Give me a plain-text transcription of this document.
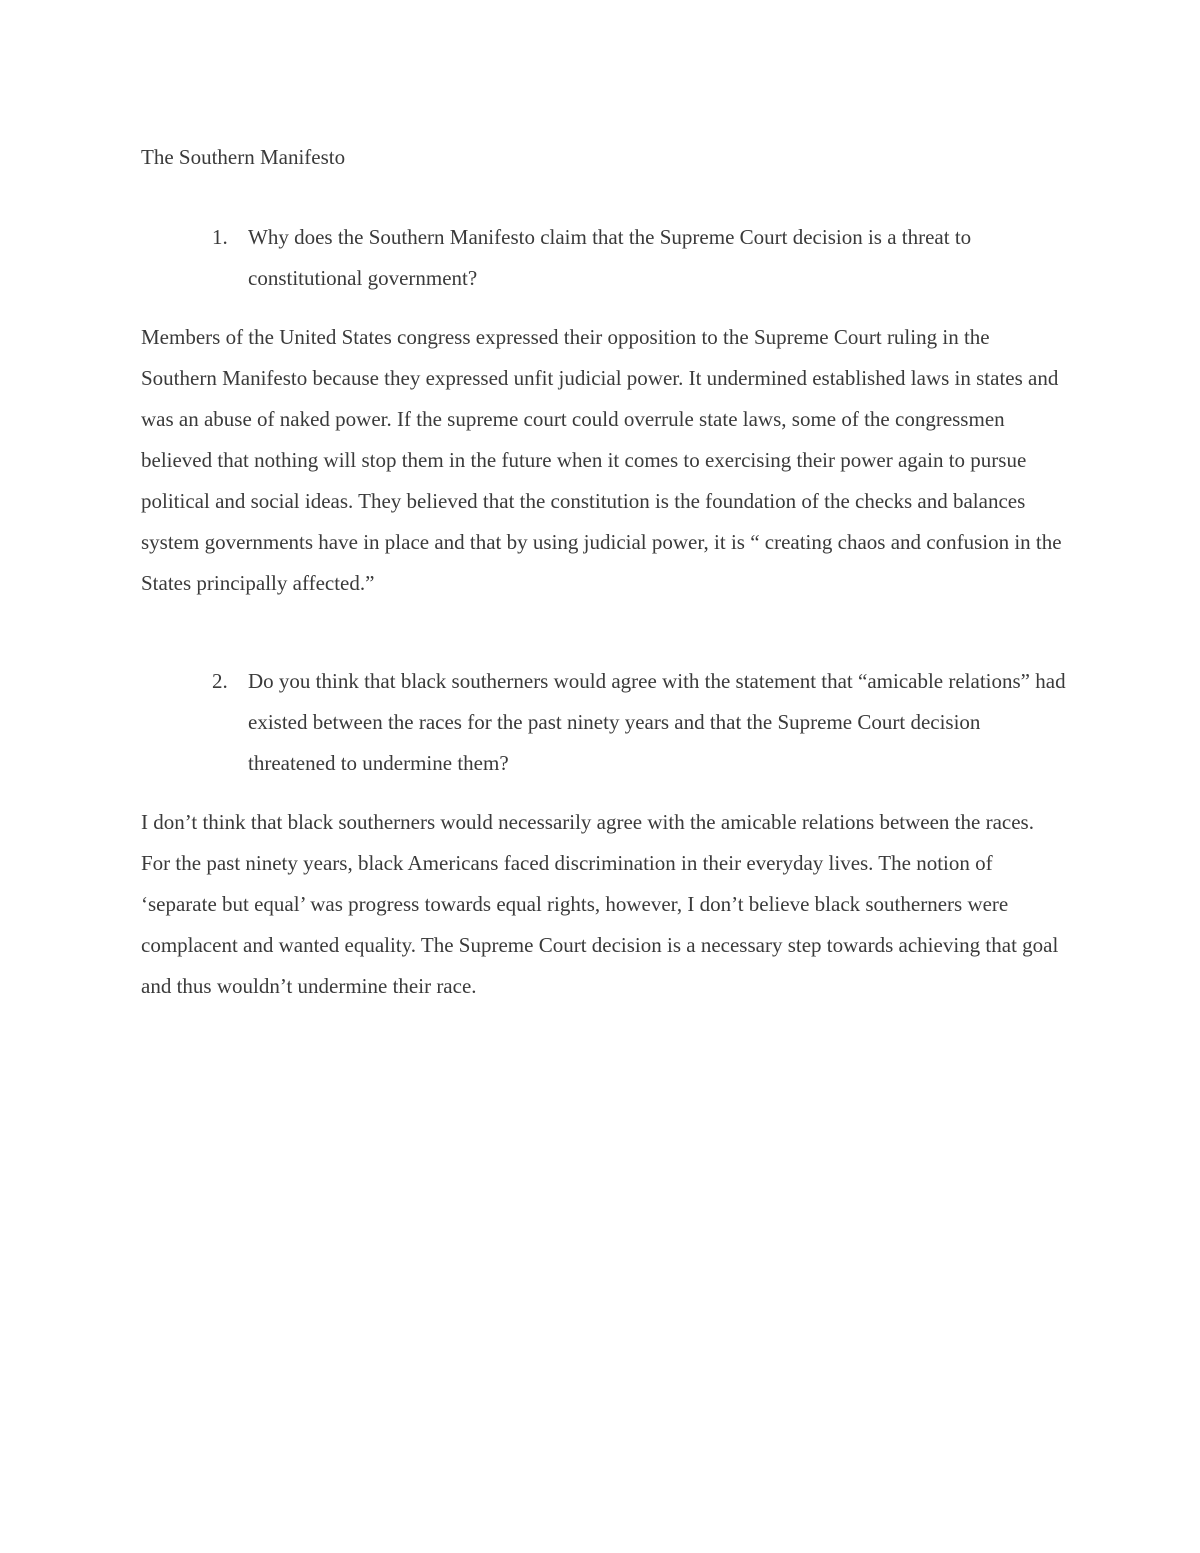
The Southern Manifesto
1. Why does the Southern Manifesto claim that the Supreme Court decision is a threat to constitutional government?

Members of the United States congress expressed their opposition to the Supreme Court ruling in the Southern Manifesto because they expressed unfit judicial power. It undermined established laws in states and was an abuse of naked power. If the supreme court could overrule state laws, some of the congressmen believed that nothing will stop them in the future when it comes to exercising their power again to pursue political and social ideas. They believed that the constitution is the foundation of the checks and balances system governments have in place and that by using judicial power, it is “ creating chaos and confusion in the States principally affected.”

2. Do you think that black southerners would agree with the statement that “amicable relations” had existed between the races for the past ninety years and that the Supreme Court decision threatened to undermine them?

I don’t think that black southerners would necessarily agree with the amicable relations between the races. For the past ninety years, black Americans faced discrimination in their everyday lives. The notion of ‘separate but equal’ was progress towards equal rights, however, I don’t believe black southerners were complacent and wanted equality. The Supreme Court decision is a necessary step towards achieving that goal and thus wouldn’t undermine their race.
